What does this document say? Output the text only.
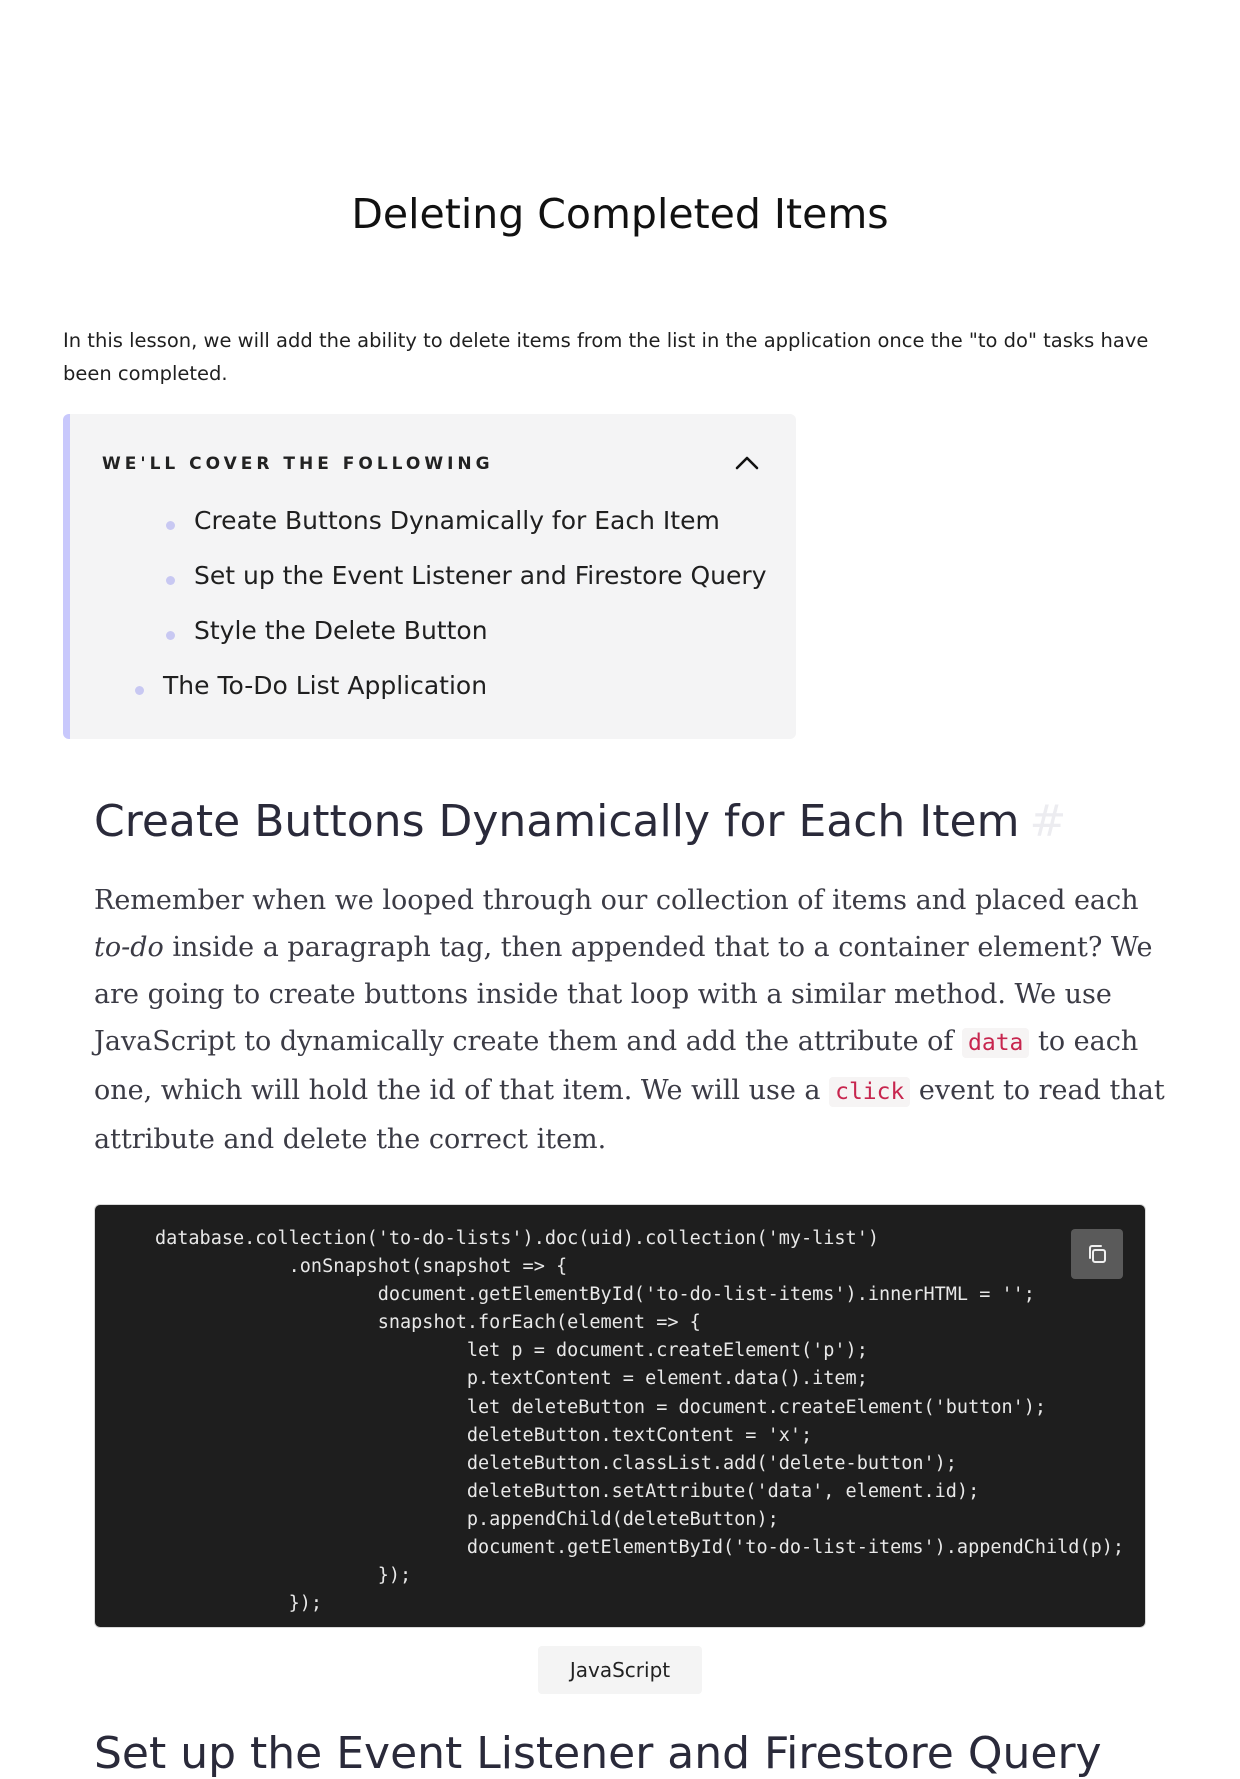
Deleting Completed Items

In this lesson, we will add the ability to delete items from the list in the application once the "to do" tasks have been completed.

WE'LL COVER THE FOLLOWING
Create Buttons Dynamically for Each Item
Set up the Event Listener and Firestore Query
Style the Delete Button
The To-Do List Application
Create Buttons Dynamically for Each Item #

Remember when we looped through our collection of items and placed each to-do inside a paragraph tag, then appended that to a container element? We are going to create buttons inside that loop with a similar method. We use JavaScript to dynamically create them and add the attribute of data to each one, which will hold the id of that item. We will use a click event to read that attribute and delete the correct item.

database.collection('to-do-lists').doc(uid).collection('my-list')
.onSnapshot(snapshot => {
document.getElementById('to-do-list-items').innerHTML = '';
snapshot.forEach(element => {
let p = document.createElement('p');
p.textContent = element.data().item;
let deleteButton = document.createElement('button');
deleteButton.textContent = 'x';
deleteButton.classList.add('delete-button');
deleteButton.setAttribute('data', element.id);
p.appendChild(deleteButton);
document.getElementById('to-do-list-items').appendChild(p);
});
});
JavaScript
Set up the Event Listener and Firestore Query
